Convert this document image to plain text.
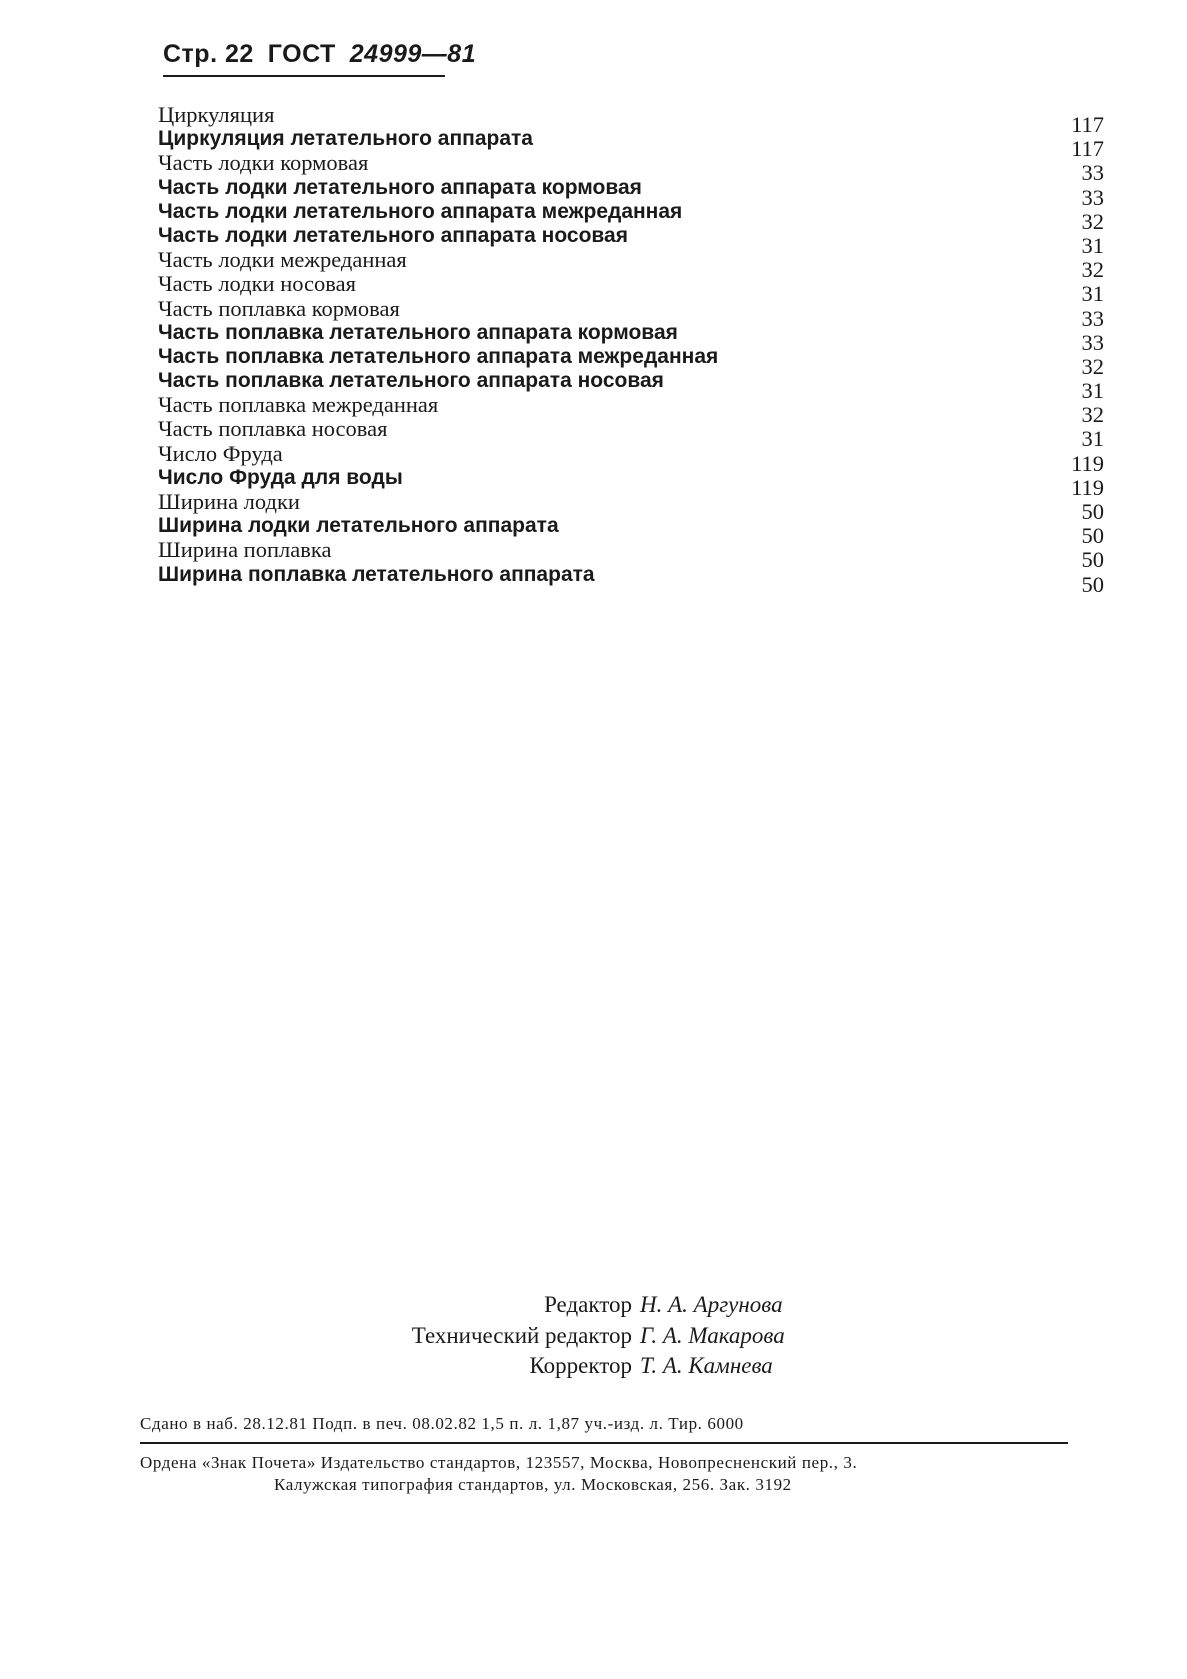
Стр. 22 ГОСТ 24999—81
Циркуляция	117
Циркуляция летательного аппарата	117
Часть лодки кормовая	33
Часть лодки летательного аппарата кормовая	33
Часть лодки летательного аппарата межреданная	32
Часть лодки летательного аппарата носовая	31
Часть лодки межреданная	32
Часть лодки носовая	31
Часть поплавка кормовая	33
Часть поплавка летательного аппарата кормовая	33
Часть поплавка летательного аппарата межреданная	32
Часть поплавка летательного аппарата носовая	31
Часть поплавка межреданная	32
Часть поплавка носовая	31
Число Фруда	119
Число Фруда для воды	119
Ширина лодки	50
Ширина лодки летательного аппарата	50
Ширина поплавка	50
Ширина поплавка летательного аппарата	50
Редактор Н. А. Аргунова
Технический редактор Г. А. Макарова
Корректор Т. А. Камнева
Сдано в наб. 28.12.81 Подп. в печ. 08.02.82 1,5 п. л. 1,87 уч.-изд. л. Тир. 6000
Ордена «Знак Почета» Издательство стандартов, 123557, Москва, Новопресненский пер., 3.
Калужская типография стандартов, ул. Московская, 256. Зак. 3192
